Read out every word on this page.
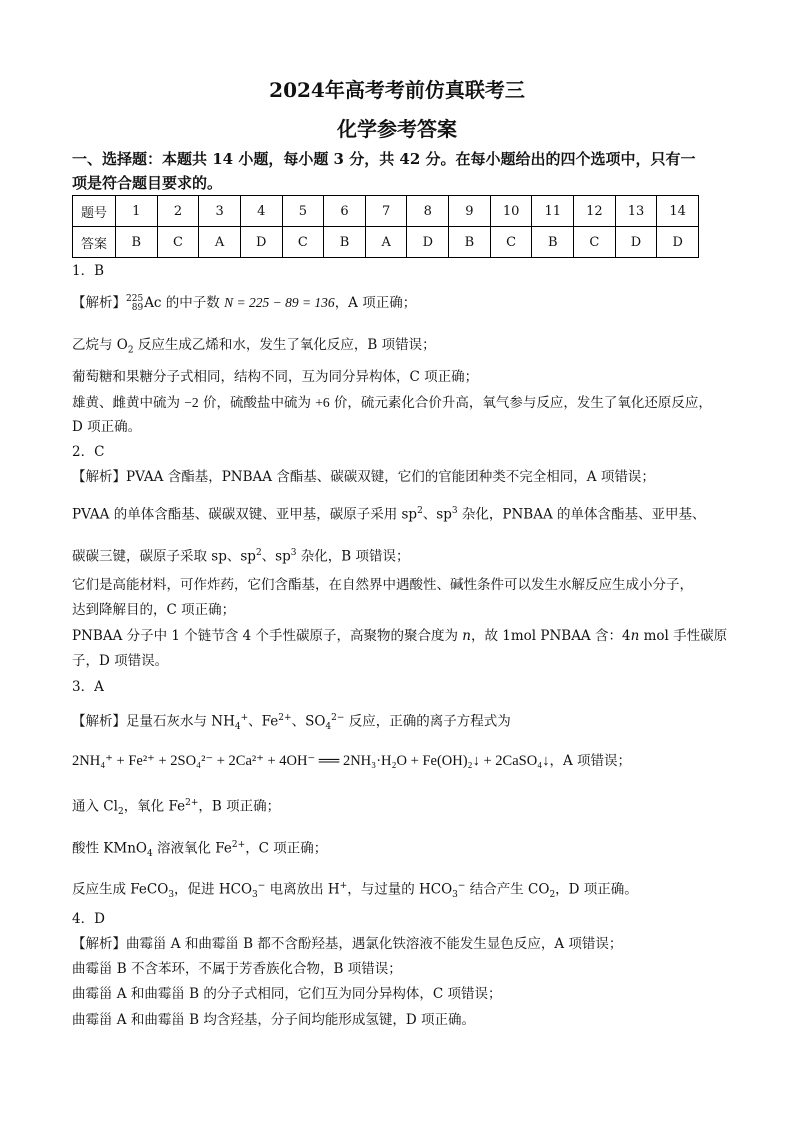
2024年高考考前仿真联考三
化学参考答案
一、选择题：本题共 14 小题，每小题 3 分，共 42 分。在每小题给出的四个选项中，只有一
项是符合题目要求的。
题号	1	2	3	4	5	6	7	8	9	10	11	12	13	14
答案	B	C	A	D	C	B	A	D	B	C	B	C	D	D
1．B
【解析】225
89Ac 的中子数 N = 225 − 89 = 136，A 项正确；
乙烷与 $O_2$ 反应生成乙烯和水，发生了氧化反应，B 项错误；
葡萄糖和果糖分子式相同，结构不同，互为同分异构体，C 项正确；
雄黄、雌黄中硫为 −2 价，硫酸盐中硫为 +6 价，硫元素化合价升高，氧气参与反应，发生了氧化还原反应，
D 项正确。
2．C
【解析】PVAA 含酯基，PNBAA 含酯基、碳碳双键，它们的官能团种类不完全相同，A 项错误；
PVAA 的单体含酯基、碳碳双键、亚甲基，碳原子采用 $sp^2$、$sp^3$ 杂化，PNBAA 的单体含酯基、亚甲基、
碳碳三键，碳原子采取 sp、$sp^2$、$sp^3$ 杂化，B 项错误；
它们是高能材料，可作炸药，它们含酯基，在自然界中遇酸性、碱性条件可以发生水解反应生成小分子，
达到降解目的，C 项正确；
PNBAA 分子中 1 个链节含 4 个手性碳原子，高聚物的聚合度为 n，故 1mol PNBAA 含：4n mol 手性碳原
子，D 项错误。
3．A
【解析】足量石灰水与 $NH_4^+$、$Fe^{2+}$、$SO_4^{2-}$ 反应，正确的离子方程式为
2NH₄⁺ + Fe²⁺ + 2SO₄²⁻ + 2Ca²⁺ + 4OH⁻ ══ 2NH₃·H₂O + Fe(OH)₂↓ + 2CaSO₄↓，A 项错误；
通入 $Cl_2$，氧化 $Fe^{2+}$，B 项正确；
酸性 KMnO$_4$ 溶液氧化 $Fe^{2+}$，C 项正确；
反应生成 FeCO$_3$，促进 $HCO_3^-$ 电离放出 H+，与过量的 $HCO_3^-$ 结合产生 $CO_2$，D 项正确。
4．D
【解析】曲霉甾 A 和曲霉甾 B 都不含酚羟基，遇氯化铁溶液不能发生显色反应，A 项错误；
曲霉甾 B 不含苯环，不属于芳香族化合物，B 项错误；
曲霉甾 A 和曲霉甾 B 的分子式相同，它们互为同分异构体，C 项错误；
曲霉甾 A 和曲霉甾 B 均含羟基，分子间均能形成氢键，D 项正确。
